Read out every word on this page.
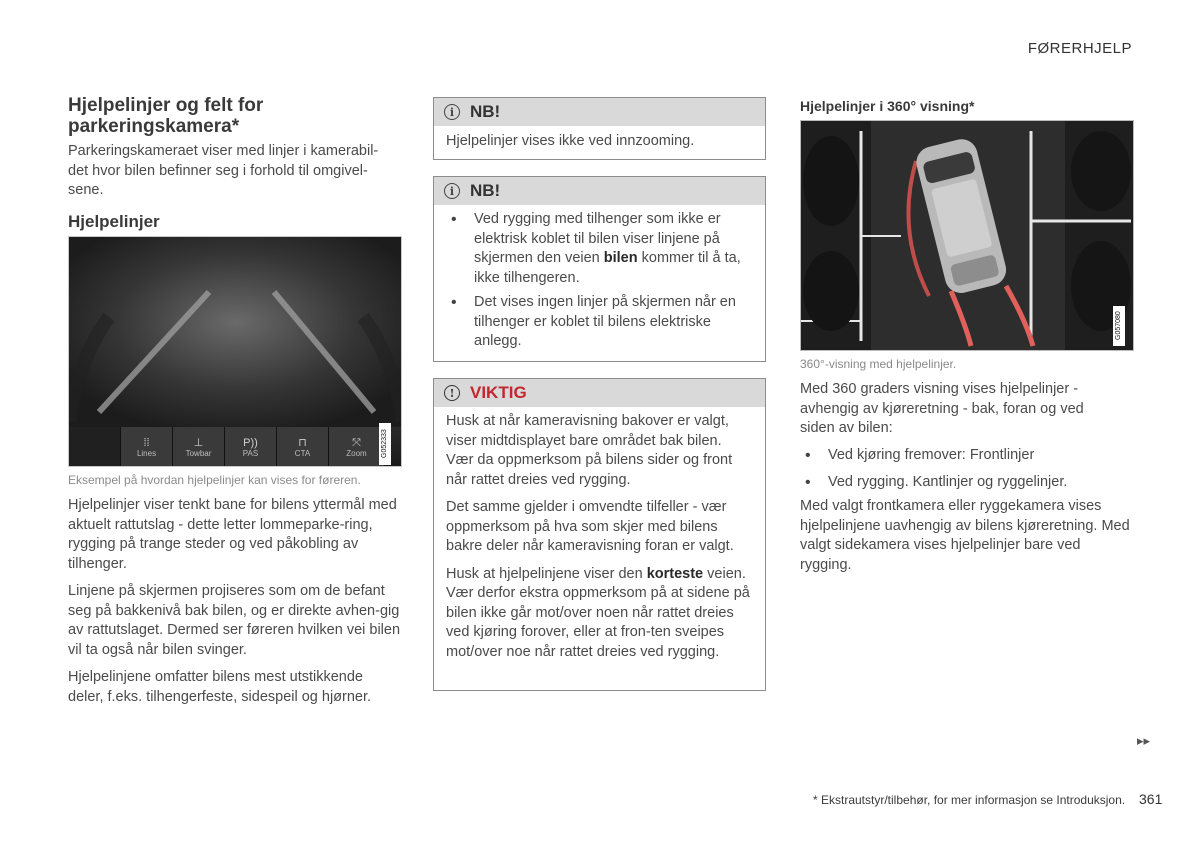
FØRERHJELP
Hjelpelinjer og felt for parkeringskamera*

Parkeringskameraet viser med linjer i kamerabil-det hvor bilen befinner seg i forhold til omgivel-sene.

Hjelpelinjer
⁞⁞
Lines
⊥
Towbar
P))
PAS
⊓
CTA
⤧
Zoom G052333
Eksempel på hvordan hjelpelinjer kan vises for føreren.

Hjelpelinjer viser tenkt bane for bilens yttermål med aktuelt rattutslag - dette letter lommeparke-ring, rygging på trange steder og ved påkobling av tilhenger.

Linjene på skjermen projiseres som om de befant seg på bakkenivå bak bilen, og er direkte avhen-gig av rattutslaget. Dermed ser føreren hvilken vei bilen vil ta også når bilen svinger.

Hjelpelinjene omfatter bilens mest utstikkende deler, f.eks. tilhengerfeste, sidespeil og hjørner.

i NB!

Hjelpelinjer vises ikke ved innzooming.

i NB!
• Ved rygging med tilhenger som ikke er elektrisk koblet til bilen viser linjene på skjermen den veien bilen kommer til å ta, ikke tilhengeren.
• Det vises ingen linjer på skjermen når en tilhenger er koblet til bilens elektriske anlegg.
! VIKTIG

Husk at når kameravisning bakover er valgt, viser midtdisplayet bare området bak bilen. Vær da oppmerksom på bilens sider og front når rattet dreies ved rygging.

Det samme gjelder i omvendte tilfeller - vær oppmerksom på hva som skjer med bilens bakre deler når kameravisning foran er valgt.

Husk at hjelpelinjene viser den korteste veien. Vær derfor ekstra oppmerksom på at sidene på bilen ikke går mot/over noen når rattet dreies ved kjøring forover, eller at fron-ten sveipes mot/over noe når rattet dreies ved rygging.

Hjelpelinjer i 360° visning*
G057080
360°-visning med hjelpelinjer.

Med 360 graders visning vises hjelpelinjer - avhengig av kjøreretning - bak, foran og ved siden av bilen:

• Ved kjøring fremover: Frontlinjer
• Ved rygging. Kantlinjer og ryggelinjer.

Med valgt frontkamera eller ryggekamera vises hjelpelinjene uavhengig av bilens kjøreretning. Med valgt sidekamera vises hjelpelinjer bare ved rygging.

▸▸
* Ekstrautstyr/tilbehør, for mer informasjon se Introduksjon. 361
